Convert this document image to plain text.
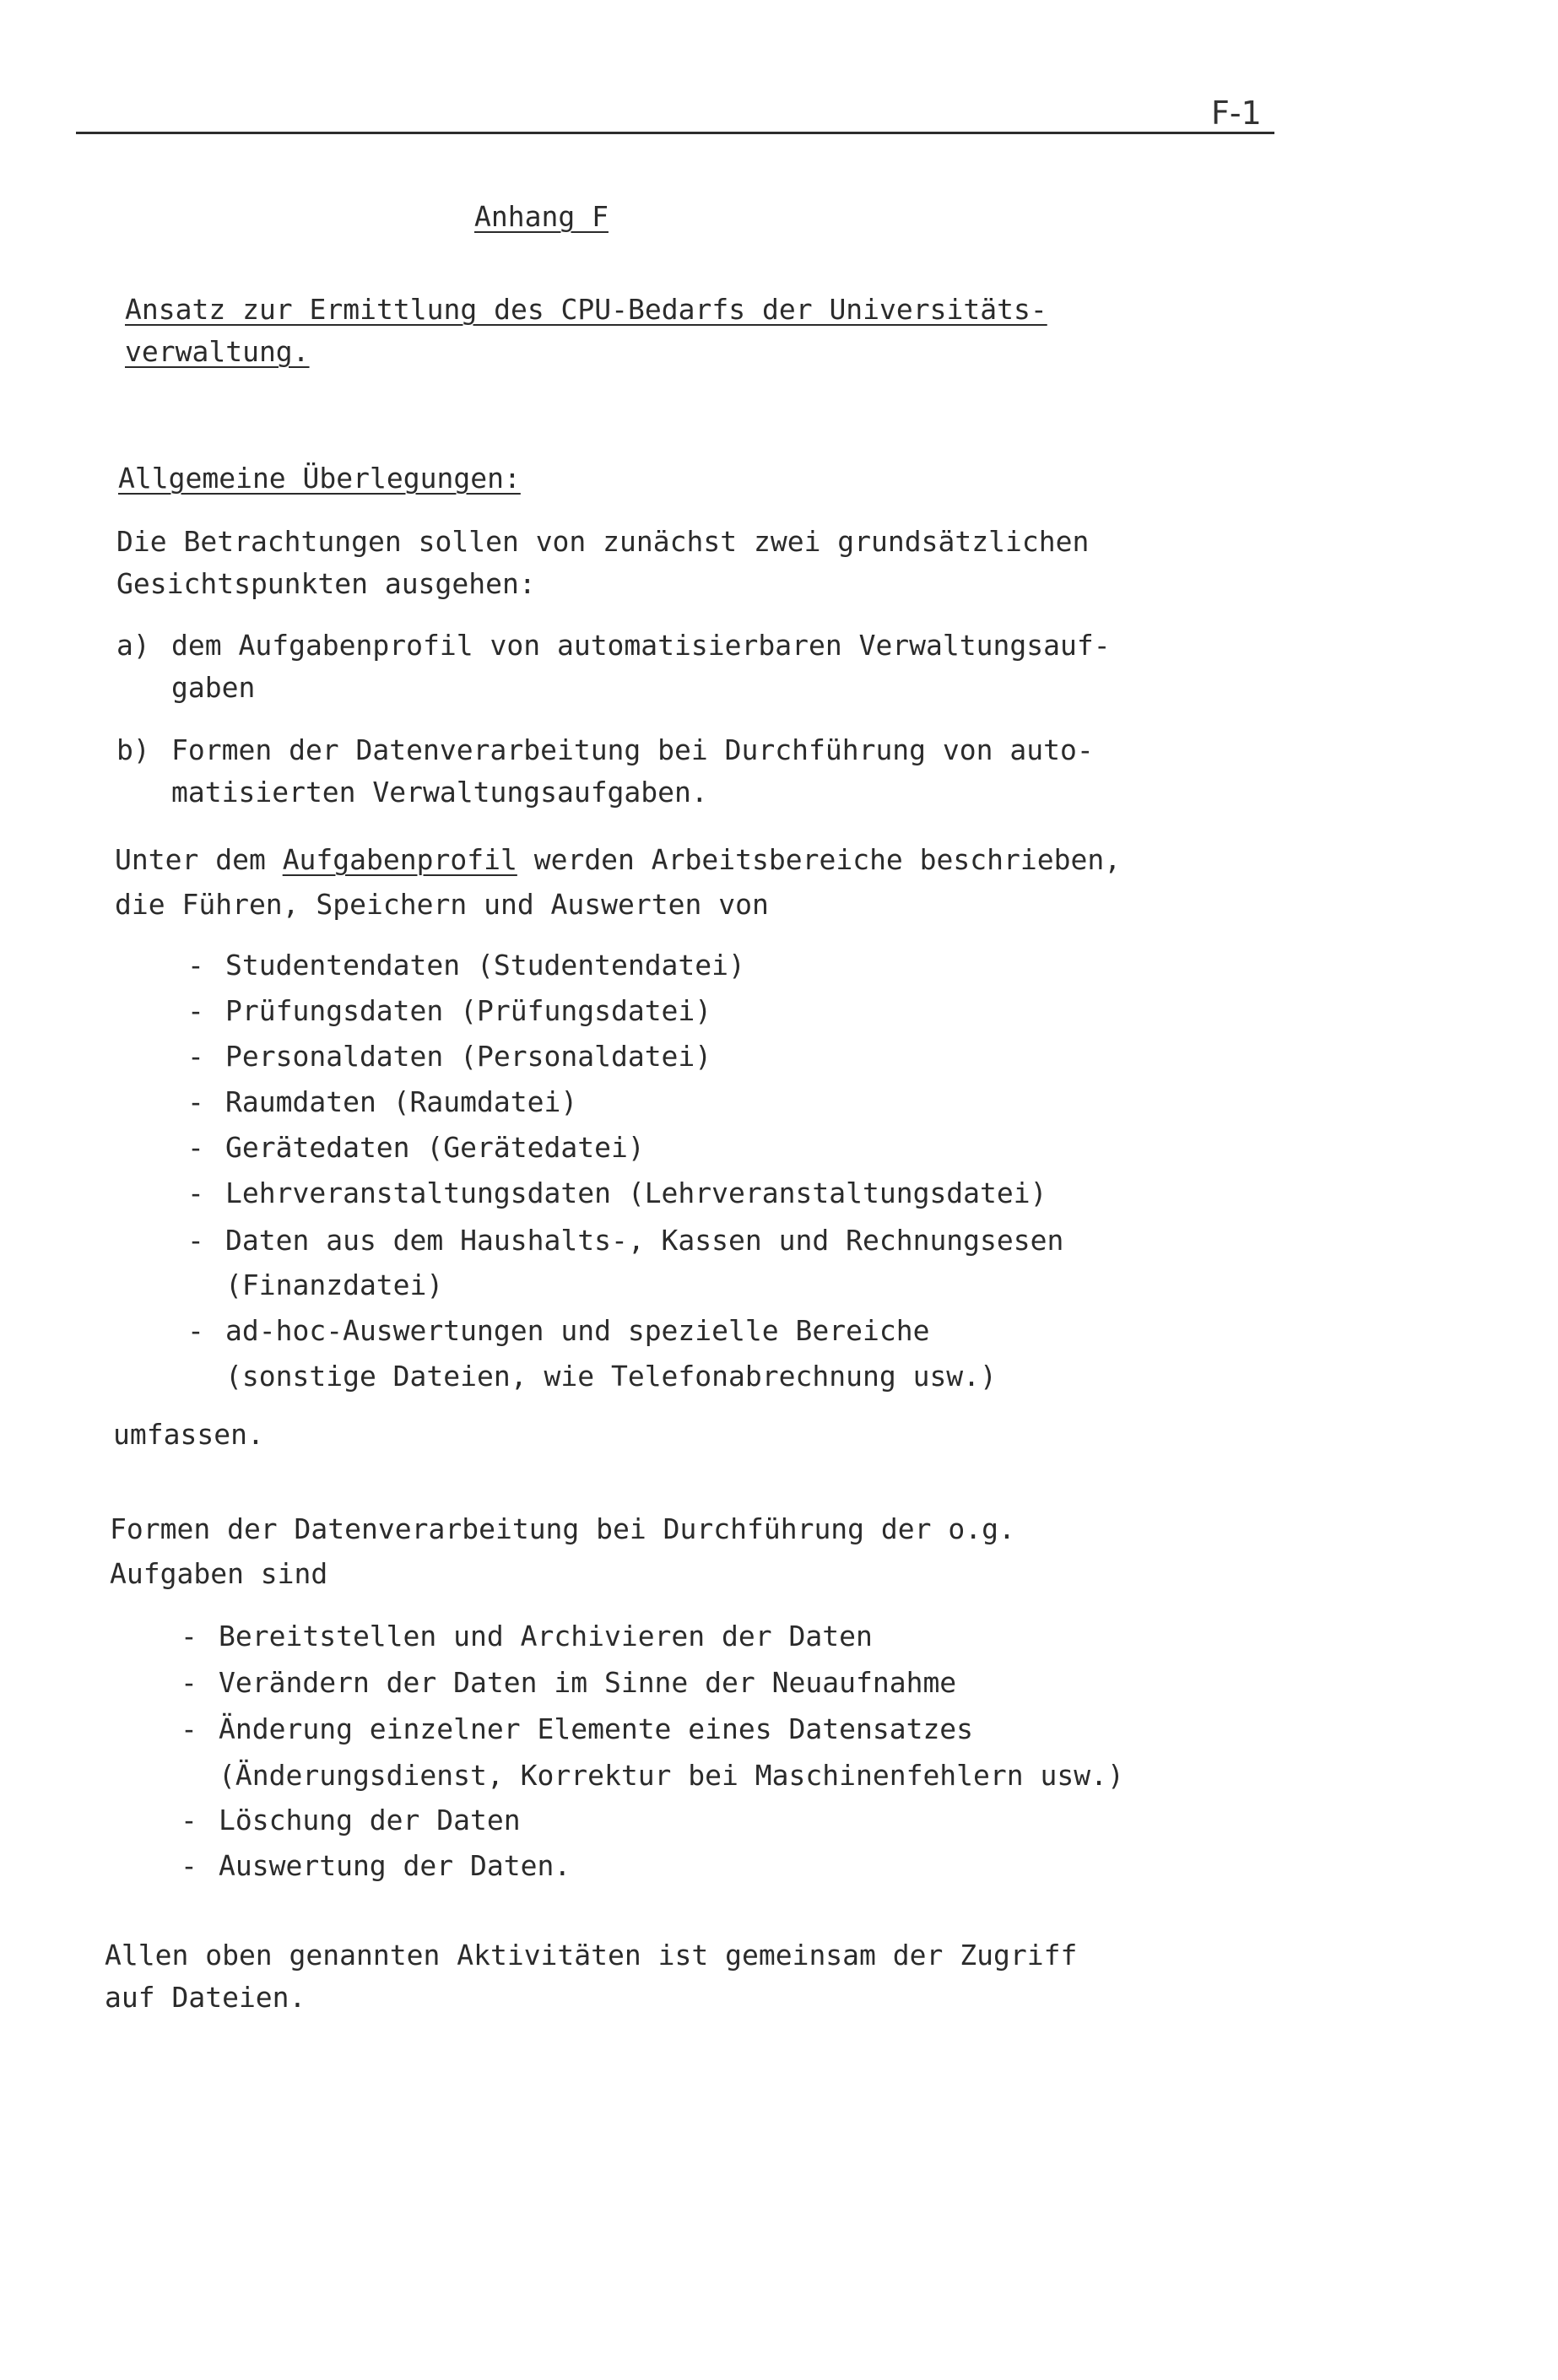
F-1
Anhang F
Ansatz zur Ermittlung des CPU-Bedarfs der Universitäts-
verwaltung.
Allgemeine Überlegungen:
Die Betrachtungen sollen von zunächst zwei grundsätzlichen
Gesichtspunkten ausgehen:
a) dem Aufgabenprofil von automatisierbaren Verwaltungsauf-
gaben
b) Formen der Datenverarbeitung bei Durchführung von auto-
matisierten Verwaltungsaufgaben.
Unter dem Aufgabenprofil werden Arbeitsbereiche beschrieben,
die Führen, Speichern und Auswerten von
- Studentendaten (Studentendatei)
- Prüfungsdaten (Prüfungsdatei)
- Personaldaten (Personaldatei)
- Raumdaten (Raumdatei)
- Gerätedaten (Gerätedatei)
- Lehrveranstaltungsdaten (Lehrveranstaltungsdatei)
- Daten aus dem Haushalts-, Kassen und Rechnungsesen
(Finanzdatei)
- ad-hoc-Auswertungen und spezielle Bereiche
(sonstige Dateien, wie Telefonabrechnung usw.)
umfassen.
Formen der Datenverarbeitung bei Durchführung der o.g.
Aufgaben sind
- Bereitstellen und Archivieren der Daten
- Verändern der Daten im Sinne der Neuaufnahme
- Änderung einzelner Elemente eines Datensatzes
(Änderungsdienst, Korrektur bei Maschinenfehlern usw.)
- Löschung der Daten
- Auswertung der Daten.
Allen oben genannten Aktivitäten ist gemeinsam der Zugriff
auf Dateien.
